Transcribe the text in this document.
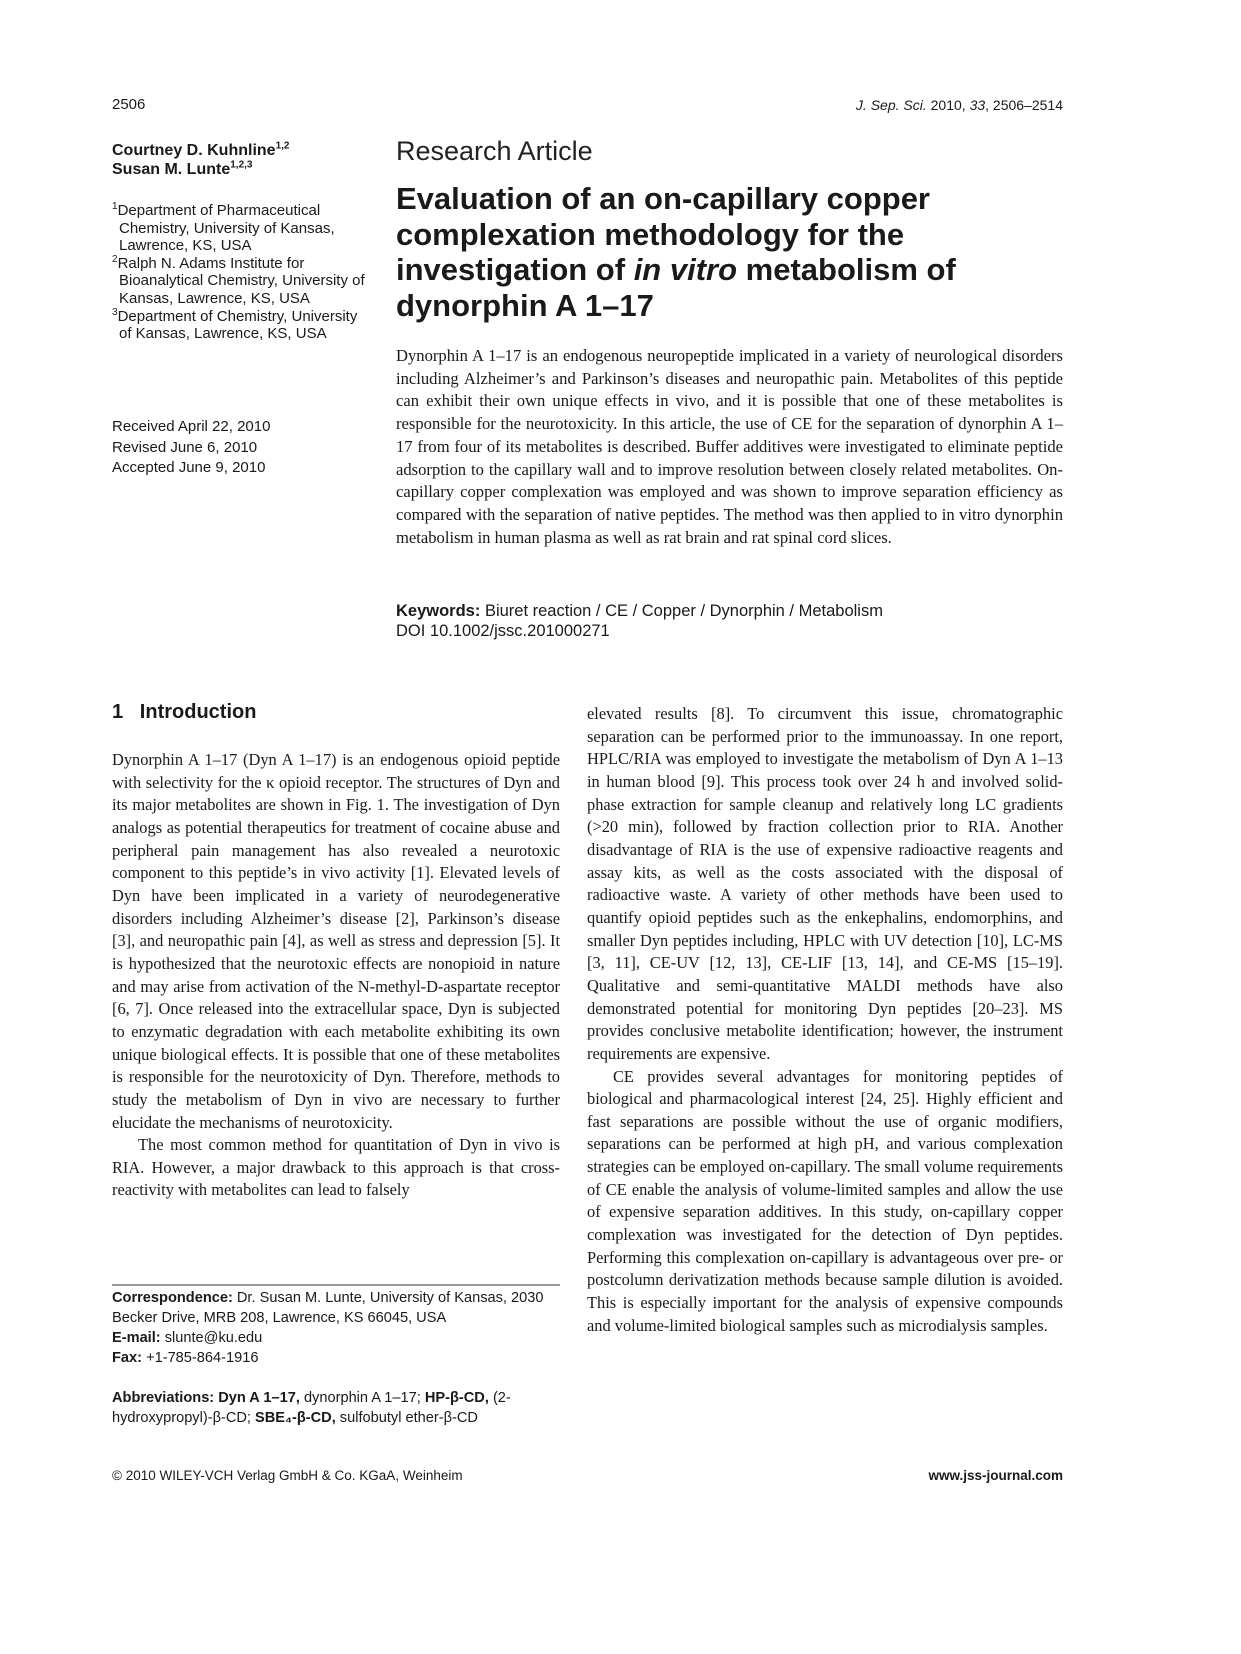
2506	J. Sep. Sci. 2010, 33, 2506–2514
Courtney D. Kuhnline$^{1,2}$
Susan M. Lunte$^{1,2,3}$
$^1$Department of Pharmaceutical Chemistry, University of Kansas, Lawrence, KS, USA
$^2$Ralph N. Adams Institute for Bioanalytical Chemistry, University of Kansas, Lawrence, KS, USA
$^3$Department of Chemistry, University of Kansas, Lawrence, KS, USA
Received April 22, 2010
Revised June 6, 2010
Accepted June 9, 2010
Research Article
Evaluation of an on-capillary copper complexation methodology for the investigation of in vitro metabolism of dynorphin A 1–17
Dynorphin A 1–17 is an endogenous neuropeptide implicated in a variety of neurological disorders including Alzheimer’s and Parkinson’s diseases and neuropathic pain. Metabolites of this peptide can exhibit their own unique effects in vivo, and it is possible that one of these metabolites is responsible for the neurotoxicity. In this article, the use of CE for the separation of dynorphin A 1–17 from four of its metabolites is described. Buffer additives were investigated to eliminate peptide adsorption to the capillary wall and to improve resolution between closely related metabolites. On-capillary copper complexation was employed and was shown to improve separation efficiency as compared with the separation of native peptides. The method was then applied to in vitro dynorphin metabolism in human plasma as well as rat brain and rat spinal cord slices.
Keywords: Biuret reaction / CE / Copper / Dynorphin / Metabolism
DOI 10.1002/jssc.201000271
1   Introduction

Dynorphin A 1–17 (Dyn A 1–17) is an endogenous opioid peptide with selectivity for the κ opioid receptor. The structures of Dyn and its major metabolites are shown in Fig. 1. The investigation of Dyn analogs as potential therapeutics for treatment of cocaine abuse and peripheral pain management has also revealed a neurotoxic component to this peptide’s in vivo activity [1]. Elevated levels of Dyn have been implicated in a variety of neurodegenerative disorders including Alzheimer’s disease [2], Parkinson’s disease [3], and neuropathic pain [4], as well as stress and depression [5]. It is hypothesized that the neurotoxic effects are nonopioid in nature and may arise from activation of the N-methyl-D-aspartate receptor [6, 7]. Once released into the extracellular space, Dyn is subjected to enzymatic degradation with each metabolite exhibiting its own unique biological effects. It is possible that one of these metabolites is responsible for the neurotoxicity of Dyn. Therefore, methods to study the metabolism of Dyn in vivo are necessary to further elucidate the mechanisms of neurotoxicity.

The most common method for quantitation of Dyn in vivo is RIA. However, a major drawback to this approach is that cross-reactivity with metabolites can lead to falsely

elevated results [8]. To circumvent this issue, chromatographic separation can be performed prior to the immunoassay. In one report, HPLC/RIA was employed to investigate the metabolism of Dyn A 1–13 in human blood [9]. This process took over 24 h and involved solid-phase extraction for sample cleanup and relatively long LC gradients (>20 min), followed by fraction collection prior to RIA. Another disadvantage of RIA is the use of expensive radioactive reagents and assay kits, as well as the costs associated with the disposal of radioactive waste. A variety of other methods have been used to quantify opioid peptides such as the enkephalins, endomorphins, and smaller Dyn peptides including, HPLC with UV detection [10], LC-MS [3, 11], CE-UV [12, 13], CE-LIF [13, 14], and CE-MS [15–19]. Qualitative and semi-quantitative MALDI methods have also demonstrated potential for monitoring Dyn peptides [20–23]. MS provides conclusive metabolite identification; however, the instrument requirements are expensive.

CE provides several advantages for monitoring peptides of biological and pharmacological interest [24, 25]. Highly efficient and fast separations are possible without the use of organic modifiers, separations can be performed at high pH, and various complexation strategies can be employed on-capillary. The small volume requirements of CE enable the analysis of volume-limited samples and allow the use of expensive separation additives. In this study, on-capillary copper complexation was investigated for the detection of Dyn peptides. Performing this complexation on-capillary is advantageous over pre- or postcolumn derivatization methods because sample dilution is avoided. This is especially important for the analysis of expensive compounds and volume-limited biological samples such as microdialysis samples.

Correspondence: Dr. Susan M. Lunte, University of Kansas, 2030 Becker Drive, MRB 208, Lawrence, KS 66045, USA
E-mail: slunte@ku.edu
Fax: +1-785-864-1916
Abbreviations: Dyn A 1–17, dynorphin A 1–17; HP-β-CD, (2-hydroxypropyl)-β-CD; SBE₄-β-CD, sulfobutyl ether-β-CD
© 2010 WILEY-VCH Verlag GmbH & Co. KGaA, Weinheim	www.jss-journal.com
